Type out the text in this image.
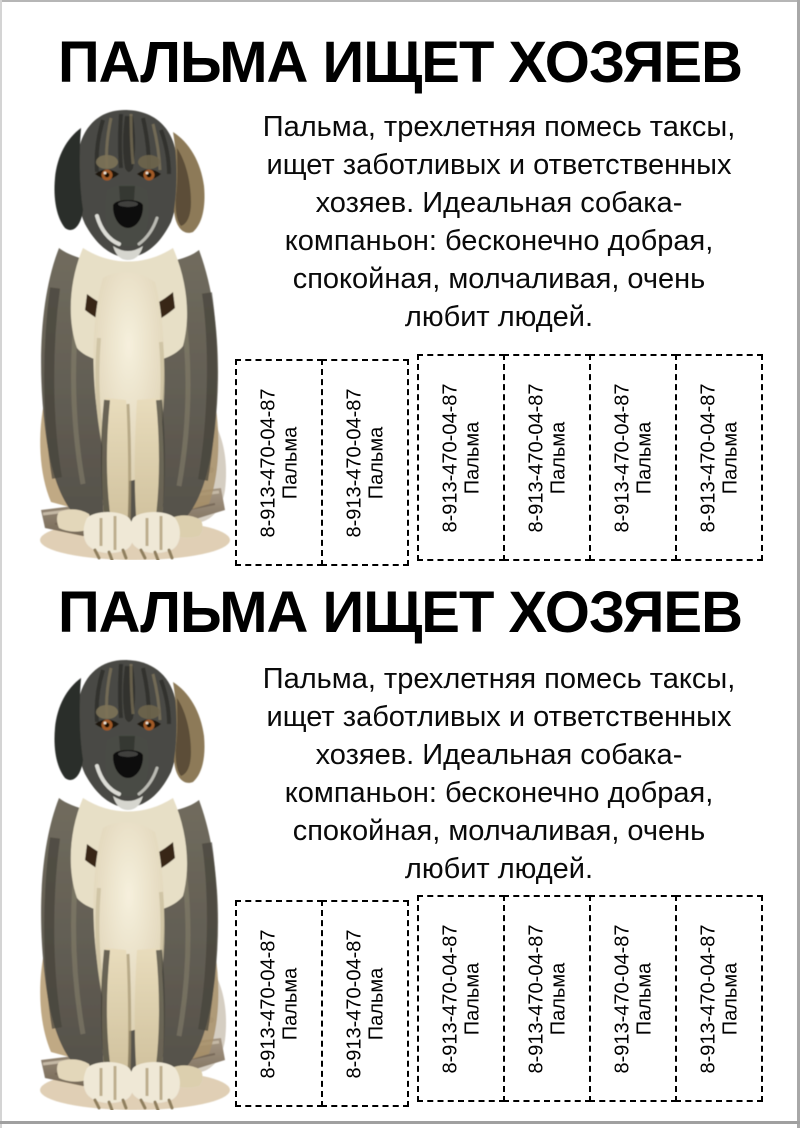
ПАЛЬМА ИЩЕТ ХОЗЯЕВ
Пальма, трехлетняя помесь таксы,
ищет заботливых и ответственных
хозяев. Идеальная собака-
компаньон: бесконечно добрая,
спокойная, молчаливая, очень
любит людей.
8-913-470-04-87 Пальма 8-913-470-04-87 Пальма	8-913-470-04-87 Пальма 8-913-470-04-87 Пальма 8-913-470-04-87 Пальма 8-913-470-04-87 Пальма
ПАЛЬМА ИЩЕТ ХОЗЯЕВ
Пальма, трехлетняя помесь таксы,
ищет заботливых и ответственных
хозяев. Идеальная собака-
компаньон: бесконечно добрая,
спокойная, молчаливая, очень
любит людей.
8-913-470-04-87 Пальма 8-913-470-04-87 Пальма	8-913-470-04-87 Пальма 8-913-470-04-87 Пальма 8-913-470-04-87 Пальма 8-913-470-04-87 Пальма
